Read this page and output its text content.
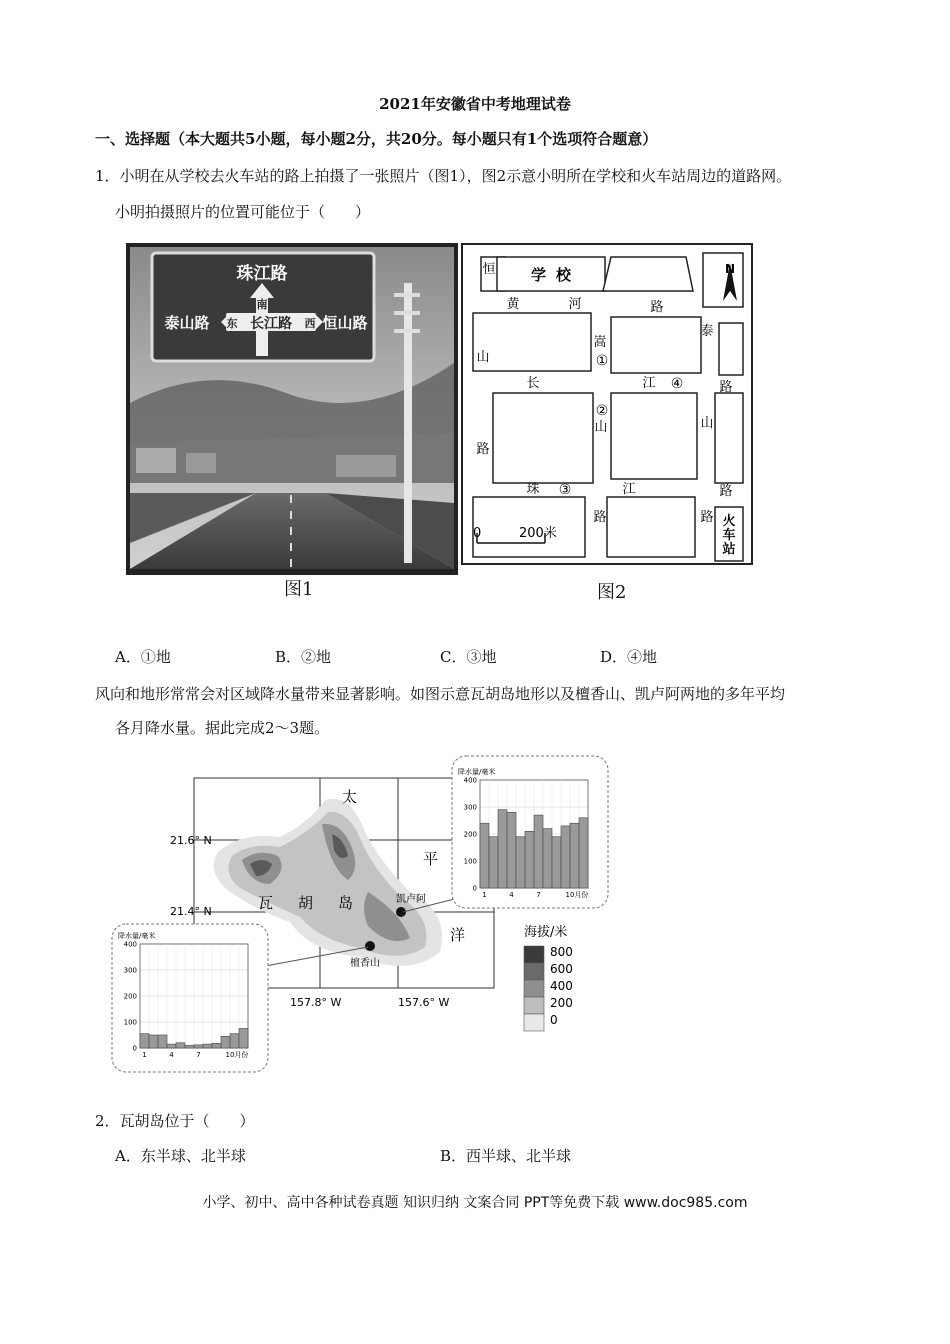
2021年安徽省中考地理试卷
一、选择题（本大题共5小题，每小题2分，共20分。每小题只有1个选项符合题意）
1．小明在从学校去火车站的路上拍摄了一张照片（图1），图2示意小明所在学校和火车站周边的道路网。
小明拍摄照片的位置可能位于（　　）
珠江路
南
长江路
东	西
泰山路	恒山路
图1
N
学校
火
车
站
0	200米
恒
山
路
黄	河	路
泰
路
嵩
山
路
长	江
珠	江
山
路
路
①
②
③
④
图2
A．①地	B．②地	C．③地	D．④地
风向和地形常常会对区域降水量带来显著影响。如图示意瓦胡岛地形以及檀香山、凯卢阿两地的多年平均
各月降水量。据此完成2～3题。
21.6° N
21.4° N
157.8° W	157.6° W
太
平
洋
瓦 胡 岛	凯卢阿
檀香山
海拔/米
800
600
400
200
0
降水量/毫米
0
100
200
300
400
1	4	7	10月份
降水量/毫米
0
100
200
300
400
1	4	7	10月份
2．瓦胡岛位于（　　）
A．东半球、北半球	B．西半球、北半球
小学、初中、高中各种试卷真题 知识归纳 文案合同 PPT等免费下载 www.doc985.com
